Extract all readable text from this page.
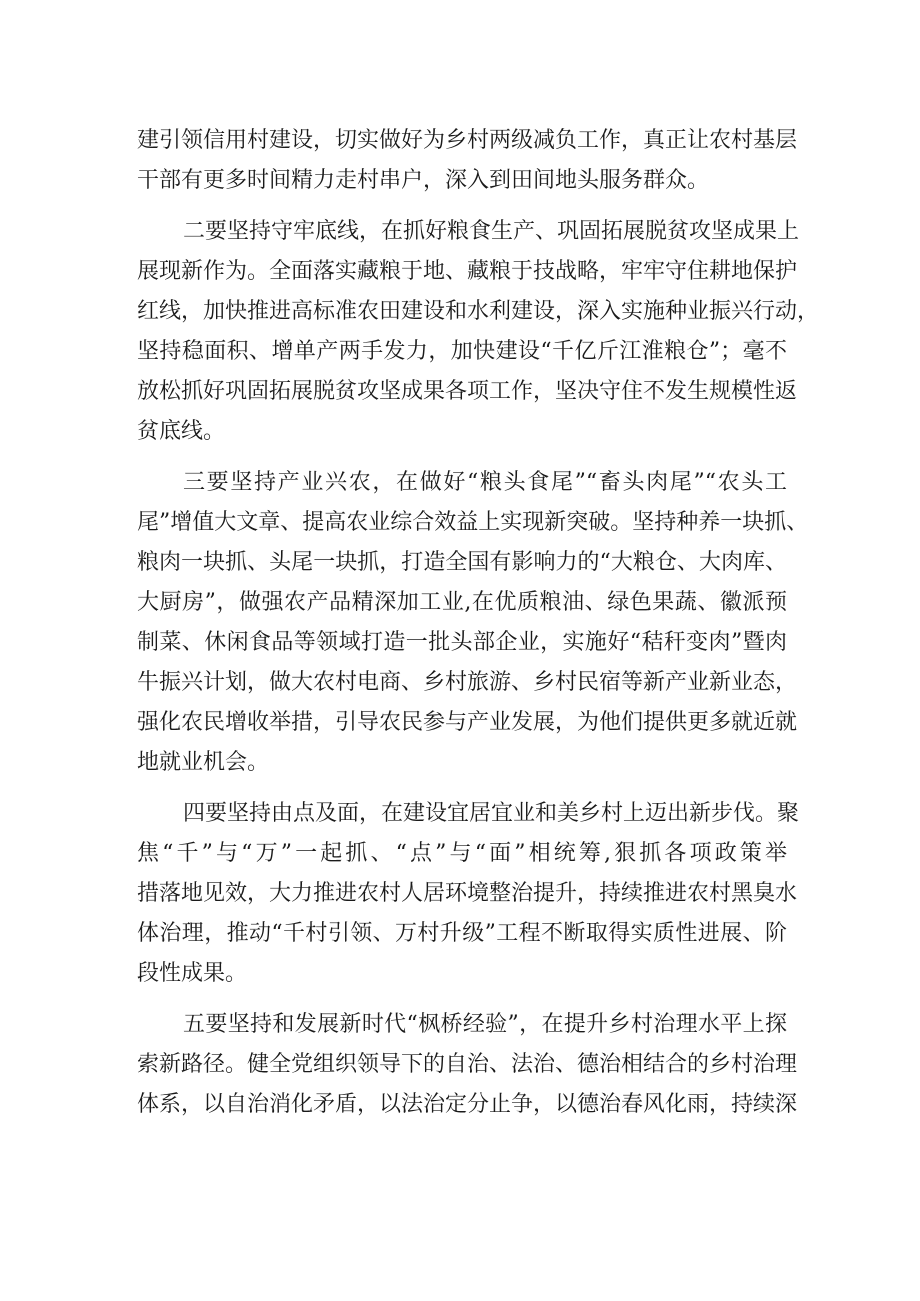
建引领信用村建设，切实做好为乡村两级减负工作，真正让农村基层
干部有更多时间精力走村串户，深入到田间地头服务群众。
二要坚持守牢底线，在抓好粮食生产、巩固拓展脱贫攻坚成果上
展现新作为。全面落实藏粮于地、藏粮于技战略，牢牢守住耕地保护
红线，加快推进高标准农田建设和水利建设，深入实施种业振兴行动，
坚持稳面积、增单产两手发力，加快建设“千亿斤江淮粮仓”；毫不
放松抓好巩固拓展脱贫攻坚成果各项工作，坚决守住不发生规模性返
贫底线。
三要坚持产业兴农，在做好“粮头食尾”“畜头肉尾”“农头工
尾”增值大文章、提高农业综合效益上实现新突破。坚持种养一块抓、
粮肉一块抓、头尾一块抓，打造全国有影响力的“大粮仓、大肉库、
大厨房”，做强农产品精深加工业,在优质粮油、绿色果蔬、徽派预
制菜、休闲食品等领域打造一批头部企业，实施好“秸秆变肉”暨肉
牛振兴计划，做大农村电商、乡村旅游、乡村民宿等新产业新业态，
强化农民增收举措，引导农民参与产业发展，为他们提供更多就近就
地就业机会。
四要坚持由点及面，在建设宜居宜业和美乡村上迈出新步伐。聚
焦“千”与“万”一起抓、“点”与“面”相统筹,狠抓各项政策举
措落地见效，大力推进农村人居环境整治提升，持续推进农村黑臭水
体治理，推动“千村引领、万村升级”工程不断取得实质性进展、阶
段性成果。
五要坚持和发展新时代“枫桥经验”，在提升乡村治理水平上探
索新路径。健全党组织领导下的自治、法治、德治相结合的乡村治理
体系，以自治消化矛盾，以法治定分止争，以德治春风化雨，持续深
